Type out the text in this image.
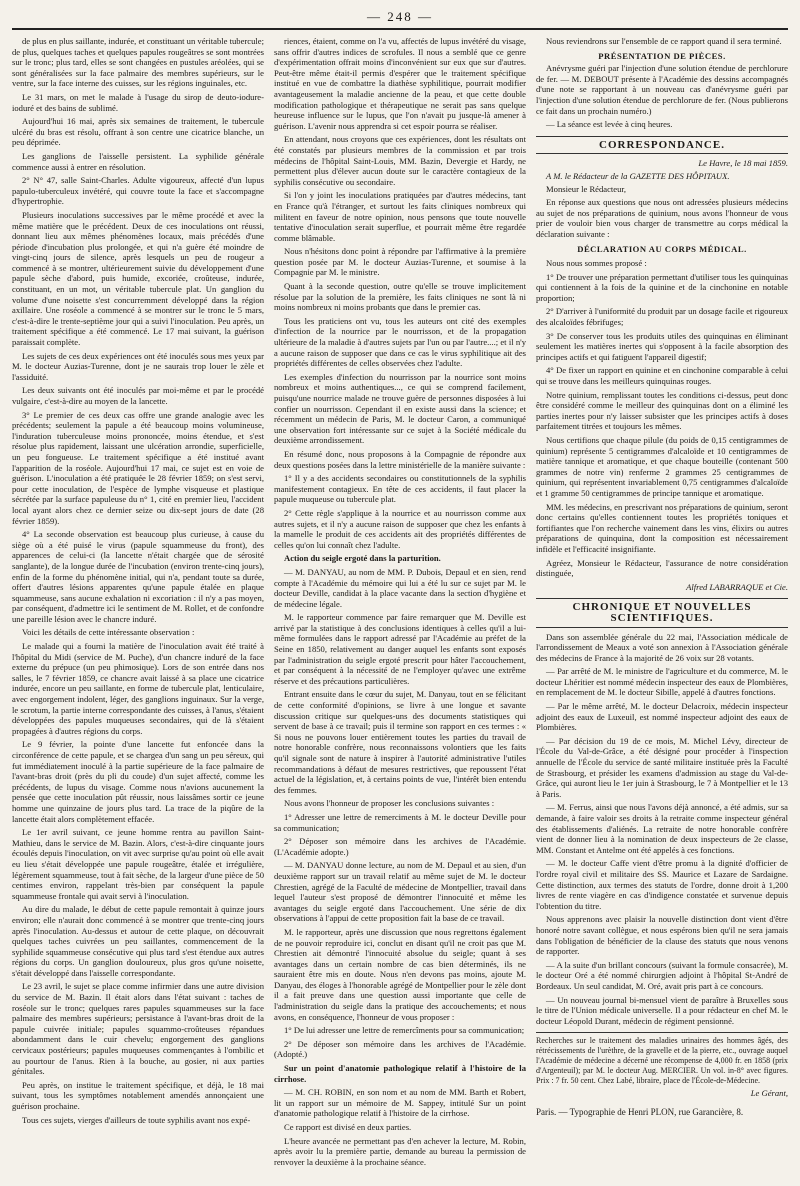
— 248 —

de plus en plus saillante, indurée, et constituant un véritable tubercule; de plus, quelques taches et quelques papules rougeâtres se sont montrées sur le tronc; plus tard, elles se sont changées en pustules aréolées, qui se sont généralisées sur la face palmaire des membres supérieurs, sur le ventre, sur la face interne des cuisses, sur les régions inguinales, etc.

Le 31 mars, on met le malade à l'usage du sirop de deuto-iodure-ioduré et des bains de sublimé.

Aujourd'hui 16 mai, après six semaines de traitement, le tubercule ulcéré du bras est résolu, offrant à son centre une cicatrice blanche, un peu déprimée.

Les ganglions de l'aisselle persistent. La syphilide générale commence aussi à entrer en résolution.

2° N° 47, salle Saint-Charles. Adulte vigoureux, affecté d'un lupus papulo-tuberculeux invétéré, qui couvre toute la face et s'accompagne d'hypertrophie.

Plusieurs inoculations successives par le même procédé et avec la même matière que le précédent. Deux de ces inoculations ont réussi, donnant lieu aux mêmes phénomènes locaux, mais précédés d'une période d'incubation plus prolongée, et qui n'a guère été moindre de vingt-cinq jours de silence, après lesquels un peu de rougeur a commencé à se montrer, ultérieurement suivie du développement d'une papule sèche d'abord, puis humide, excoriée, croûteuse, indurée, constituant, en un mot, un véritable tubercule plat. Un ganglion du volume d'une noisette s'est concurremment développé dans la région axillaire. Une roséole a commencé à se montrer sur le tronc le 5 mars, c'est-à-dire le trente-septième jour qui a suivi l'inoculation. Peu après, un traitement spécifique a été commencé. Le 17 mai suivant, la guérison paraissait complète.

Les sujets de ces deux expériences ont été inoculés sous mes yeux par M. le docteur Auzias-Turenne, dont je ne saurais trop louer le zèle et l'assiduité.

Les deux suivants ont été inoculés par moi-même et par le procédé vulgaire, c'est-à-dire au moyen de la lancette.

3° Le premier de ces deux cas offre une grande analogie avec les précédents; seulement la papule a été beaucoup moins volumineuse, l'induration tuberculeuse moins prononcée, moins étendue, et s'est résolue plus rapidement, laissant une ulcération arrondie, superficielle, un peu fongueuse. Le traitement spécifique a été institué avant l'apparition de la roséole. Aujourd'hui 17 mai, ce sujet est en voie de guérison. L'inoculation a été pratiquée le 28 février 1859; on s'est servi, pour cette inoculation, de l'espèce de lymphe visqueuse et plastique sécrétée par la surface papuleuse du n° 1, cité en premier lieu, l'accident local ayant alors chez ce dernier seize ou dix-sept jours de date (28 février 1859).

4° La seconde observation est beaucoup plus curieuse, à cause du siège où a été puisé le virus (papule squammeuse du front), des apparences de celui-ci (la lancette n'était chargée que de sérosité sanglante), de la longue durée de l'incubation (environ trente-cinq jours), enfin de la forme du phénomène initial, qui n'a, pendant toute sa durée, offert d'autres lésions apparentes qu'une papule étalée en plaque squammeuse, sans aucune exhalation ni excoriation : il n'y a pas moyen, par conséquent, d'admettre ici le sentiment de M. Rollet, et de confondre une pareille lésion avec le chancre induré.

Voici les détails de cette intéressante observation :

Le malade qui a fourni la matière de l'inoculation avait été traité à l'hôpital du Midi (service de M. Puche), d'un chancre induré de la face externe du prépuce (un peu phimosique). Lors de son entrée dans nos salles, le 7 février 1859, ce chancre avait laissé à sa place une cicatrice indurée, encore un peu saillante, en forme de tubercule plat, lenticulaire, avec engorgement indolent, léger, des ganglions inguinaux. Sur la verge, le scrotum, la partie interne correspondante des cuisses, à l'anus, s'étaient développées des papules muqueuses secondaires, qui de là s'étaient propagées à d'autres régions du corps.

Le 9 février, la pointe d'une lancette fut enfoncée dans la circonférence de cette papule, et se chargea d'un sang un peu séreux, qui fut immédiatement inoculé à la partie supérieure de la face palmaire de l'avant-bras droit (près du pli du coude) d'un sujet affecté, comme les précédents, de lupus du visage. Comme nous n'avions aucunement la pensée que cette inoculation pût réussir, nous laissâmes sortir ce jeune homme une quinzaine de jours plus tard. La trace de la piqûre de la lancette était alors complètement effacée.

Le 1er avril suivant, ce jeune homme rentra au pavillon Saint-Mathieu, dans le service de M. Bazin. Alors, c'est-à-dire cinquante jours écoulés depuis l'inoculation, on vit avec surprise qu'au point où elle avait eu lieu s'était développée une papule rougeâtre, étalée et irrégulière, légèrement squammeuse, tout à fait sèche, de la largeur d'une pièce de 50 centimes environ, rappelant très-bien par conséquent la papule squammeuse frontale qui avait servi à l'inoculation.

Au dire du malade, le début de cette papule remontait à quinze jours environ; elle n'aurait donc commencé à se montrer que trente-cinq jours après l'inoculation. Au-dessus et autour de cette plaque, on découvrait quelques taches cuivrées un peu saillantes, commencement de la syphilide squammeuse consécutive qui plus tard s'est étendue aux autres régions du corps. Un ganglion douloureux, plus gros qu'une noisette, s'était développé dans l'aisselle correspondante.

Le 23 avril, le sujet se place comme infirmier dans une autre division du service de M. Bazin. Il était alors dans l'état suivant : taches de roséole sur le tronc; quelques rares papules squammeuses sur la face palmaire des membres supérieurs; persistance à l'avant-bras droit de la papule cuivrée initiale; papules squammo-croûteuses répandues abondamment dans le cuir chevelu; engorgement des ganglions cervicaux postérieurs; papules muqueuses commençantes à l'ombilic et au pourtour de l'anus. Rien à la bouche, au gosier, ni aux parties génitales.

Peu après, on institue le traitement spécifique, et déjà, le 18 mai suivant, tous les symptômes notablement amendés annonçaient une guérison prochaine.

Tous ces sujets, vierges d'ailleurs de toute syphilis avant nos expé-

riences, étaient, comme on l'a vu, affectés de lupus invétéré du visage, sans offrir d'autres indices de scrofules. Il nous a semblé que ce genre d'expérimentation offrait moins d'inconvénient sur eux que sur d'autres. Peut-être même était-il permis d'espérer que le traitement spécifique institué en vue de combattre la diathèse syphilitique, pourrait modifier avantageusement la maladie ancienne de la peau, et que cette double modification pathologique et thérapeutique ne serait pas sans quelque heureuse influence sur le lupus, que l'on n'avait pu jusque-là amener à guérison. L'avenir nous apprendra si cet espoir pourra se réaliser.

En attendant, nous croyons que ces expériences, dont les résultats ont été constatés par plusieurs membres de la commission et par trois médecins de l'hôpital Saint-Louis, MM. Bazin, Devergie et Hardy, ne permettent plus d'élever aucun doute sur le caractère contagieux de la syphilis consécutive ou secondaire.

Si l'on y joint les inoculations pratiquées par d'autres médecins, tant en France qu'à l'étranger, et surtout les faits cliniques nombreux qui militent en faveur de notre opinion, nous pensons que toute nouvelle tentative d'inoculation serait superflue, et pourrait même être regardée comme blâmable.

Nous n'hésitons donc point à répondre par l'affirmative à la première question posée par M. le docteur Auzias-Turenne, et soumise à la Compagnie par M. le ministre.

Quant à la seconde question, outre qu'elle se trouve implicitement résolue par la solution de la première, les faits cliniques ne sont là ni moins nombreux ni moins probants que dans le premier cas.

Tous les praticiens ont vu, tous les auteurs ont cité des exemples d'infection de la nourrice par le nourrisson, et de la propagation ultérieure de la maladie à d'autres sujets par l'un ou par l'autre....; et il n'y a aucune raison de supposer que dans ce cas le virus syphilitique ait des propriétés différentes de celles observées chez l'adulte.

Les exemples d'infection du nourrisson par la nourrice sont moins nombreux et moins authentiques..., ce qui se comprend facilement, puisqu'une nourrice malade ne trouve guère de personnes disposées à lui confier un nourrisson. Cependant il en existe aussi dans la science; et récemment un médecin de Paris, M. le docteur Caron, a communiqué une observation fort intéressante sur ce sujet à la Société médicale du deuxième arrondissement.

En résumé donc, nous proposons à la Compagnie de répondre aux deux questions posées dans la lettre ministérielle de la manière suivante :

1° Il y a des accidents secondaires ou constitutionnels de la syphilis manifestement contagieux. En tête de ces accidents, il faut placer la papule muqueuse ou tubercule plat.

2° Cette règle s'applique à la nourrice et au nourrisson comme aux autres sujets, et il n'y a aucune raison de supposer que chez les enfants à la mamelle le produit de ces accidents ait des propriétés différentes de celles qu'on lui connaît chez l'adulte.

Action du seigle ergoté dans la parturition.

— M. DANYAU, au nom de MM. P. Dubois, Depaul et en sien, rend compte à l'Académie du mémoire qui lui a été lu sur ce sujet par M. le docteur Deville, candidat à la place vacante dans la section d'hygiène et de médecine légale.

M. le rapporteur commence par faire remarquer que M. Deville est arrivé par la statistique à des conclusions identiques à celles qu'il a lui-même formulées dans le rapport adressé par l'Académie au préfet de la Seine en 1850, relativement au danger auquel les enfants sont exposés par l'administration du seigle ergoté prescrit pour hâter l'accouchement, et par conséquent à la nécessité de ne l'employer qu'avec une extrême réserve et des précautions particulières.

Entrant ensuite dans le cœur du sujet, M. Danyau, tout en se félicitant de cette conformité d'opinions, se livre à une longue et savante discussion critique sur quelques-uns des documents statistiques qui servent de base à ce travail; puis il termine son rapport en ces termes : « Si nous ne pouvons louer entièrement toutes les parties du travail de notre honorable confrère, nous reconnaissons volontiers que les faits qu'il signale sont de nature à inspirer à l'autorité administrative l'utiles recommandations à défaut de mesures restrictives, que repoussent l'état actuel de la législation, et, à certains points de vue, l'intérêt bien entendu des femmes.

Nous avons l'honneur de proposer les conclusions suivantes :

1° Adresser une lettre de remerciments à M. le docteur Deville pour sa communication;

2° Déposer son mémoire dans les archives de l'Académie. (L'Académie adopte.)

— M. DANYAU donne lecture, au nom de M. Depaul et au sien, d'un deuxième rapport sur un travail relatif au même sujet de M. le docteur Chrestien, agrégé de la Faculté de médecine de Montpellier, travail dans lequel l'auteur s'est proposé de démontrer l'innocuité et même les avantages du seigle ergoté dans l'accouchement. Une série de dix observations à l'appui de cette proposition fait la base de ce travail.

M. le rapporteur, après une discussion que nous regrettons également de ne pouvoir reproduire ici, conclut en disant qu'il ne croit pas que M. Chrestien ait démontré l'innocuité absolue du seigle; quant à ses avantages dans un certain nombre de cas bien déterminés, ils ne sauraient être mis en doute. Nous n'en devons pas moins, ajoute M. Danyau, des éloges à l'honorable agrégé de Montpellier pour le zèle dont il a fait preuve dans une question aussi importante que celle de l'administration du seigle dans la pratique des accouchements; et nous avons, en conséquence, l'honneur de vous proposer :

1° De lui adresser une lettre de remercîments pour sa communication;

2° De déposer son mémoire dans les archives de l'Académie. (Adopté.)

Sur un point d'anatomie pathologique relatif à l'histoire de la cirrhose.

— M. CH. ROBIN, en son nom et au nom de MM. Barth et Robert, lit un rapport sur un mémoire de M. Sappey, intitulé Sur un point d'anatomie pathologique relatif à l'histoire de la cirrhose.

Ce rapport est divisé en deux parties.

L'heure avancée ne permettant pas d'en achever la lecture, M. Robin, après avoir lu la première partie, demande au bureau la permission de renvoyer la deuxième à la prochaine séance.

Nous reviendrons sur l'ensemble de ce rapport quand il sera terminé.

PRÉSENTATION DE PIÈCES.

Anévrysme guéri par l'injection d'une solution étendue de perchlorure de fer. — M. DEBOUT présente à l'Académie des dessins accompagnés d'une note se rapportant à un nouveau cas d'anévrysme guéri par l'injection d'une solution étendue de perchlorure de fer. (Nous publierons ce fait dans un prochain numéro.)

— La séance est levée à cinq heures.

CORRESPONDANCE.
Le Havre, le 18 mai 1859.
A M. le Rédacteur de la GAZETTE DES HÔPITAUX.

Monsieur le Rédacteur,

En réponse aux questions que nous ont adressées plusieurs médecins au sujet de nos préparations de quinium, nous avons l'honneur de vous prier de vouloir bien vous charger de transmettre au corps médical la déclaration suivante :

DÉCLARATION AU CORPS MÉDICAL.

Nous nous sommes proposé :

1° De trouver une préparation permettant d'utiliser tous les quinquinas qui contiennent à la fois de la quinine et de la cinchonine en notable proportion;

2° D'arriver à l'uniformité du produit par un dosage facile et rigoureux des alcaloïdes fébrifuges;

3° De conserver tous les produits utiles des quinquinas en éliminant seulement les matières inertes qui s'opposent à la facile absorption des principes actifs et qui fatiguent l'appareil digestif;

4° De fixer un rapport en quinine et en cinchonine comparable à celui qui se trouve dans les meilleurs quinquinas rouges.

Notre quinium, remplissant toutes les conditions ci-dessus, peut donc être considéré comme le meilleur des quinquinas dont on a éliminé les parties inertes pour n'y laisser subsister que les principes actifs à doses parfaitement titrées et toujours les mêmes.

Nous certifions que chaque pilule (du poids de 0,15 centigrammes de quinium) représente 5 centigrammes d'alcaloïde et 10 centigrammes de matière tannique et aromatique, et que chaque bouteille (contenant 500 grammes de notre vin) renferme 2 grammes 25 centigrammes de quinium, qui représentent invariablement 0,75 centigrammes d'alcaloïde et 1 gramme 50 centigrammes de principe tannique et aromatique.

MM. les médecins, en prescrivant nos préparations de quinium, seront donc certains qu'elles contiennent toutes les propriétés toniques et fortifiantes que l'on recherche vainement dans les vins, élixirs ou autres préparations de quinquina, dont la composition est nécessairement infidèle et l'efficacité insignifiante.

Agréez, Monsieur le Rédacteur, l'assurance de notre considération distinguée,

Alfred LABARRAQUE et Cie.
CHRONIQUE ET NOUVELLES SCIENTIFIQUES.

Dans son assemblée générale du 22 mai, l'Association médicale de l'arrondissement de Meaux a voté son annexion à l'Association générale des médecins de France à la majorité de 26 voix sur 28 votants.

— Par arrêté de M. le ministre de l'agriculture et du commerce, M. le docteur Lhéritier est nommé médecin inspecteur des eaux de Plombières, en remplacement de M. le docteur Sibille, appelé à d'autres fonctions.

— Par le même arrêté, M. le docteur Delacroix, médecin inspecteur adjoint des eaux de Luxeuil, est nommé inspecteur adjoint des eaux de Plombières.

— Par décision du 19 de ce mois, M. Michel Lévy, directeur de l'École du Val-de-Grâce, a été désigné pour procéder à l'inspection annuelle de l'École du service de santé militaire instituée près la Faculté de Strasbourg, et présider les examens d'admission au stage du Val-de-Grâce, qui auront lieu le 1er juin à Strasbourg, le 7 à Montpellier et le 13 à Paris.

— M. Ferrus, ainsi que nous l'avons déjà annoncé, a été admis, sur sa demande, à faire valoir ses droits à la retraite comme inspecteur général des établissements d'aliénés. La retraite de notre honorable confrère vient de donner lieu à la nomination de deux inspecteurs de 2e classe, MM. Constant et Antelme ont été appelés à ces fonctions.

— M. le docteur Caffe vient d'être promu à la dignité d'officier de l'ordre royal civil et militaire des SS. Maurice et Lazare de Sardaigne. Cette distinction, aux termes des statuts de l'ordre, donne droit à 1,200 livres de rente viagère en cas d'indigence constatée et survenue depuis l'obtention du titre.

Nous apprenons avec plaisir la nouvelle distinction dont vient d'être honoré notre savant collègue, et nous espérons bien qu'il ne sera jamais dans l'obligation de bénéficier de la clause des statuts que nous venons de rapporter.

— A la suite d'un brillant concours (suivant la formule consacrée), M. le docteur Oré a été nommé chirurgien adjoint à l'hôpital St-André de Bordeaux. Un seul candidat, M. Oré, avait pris part à ce concours.

— Un nouveau journal bi-mensuel vient de paraître à Bruxelles sous le titre de l'Union médicale universelle. Il a pour rédacteur en chef M. le docteur Léopold Durant, médecin de régiment pensionné.

Recherches sur le traitement des maladies urinaires des hommes âgés, des rétrécissements de l'urèthre, de la gravelle et de la pierre, etc., ouvrage auquel l'Académie de médecine a décerné une récompense de 4,000 fr. en 1858 (prix d'Argenteuil); par M. le docteur Aug. MERCIER. Un vol. in-8° avec figures. Prix : 7 fr. 50 cent. Chez Labé, libraire, place de l'École-de-Médecine.
Le Gérant,
Paris. — Typographie de Henri PLON, rue Garancière, 8.
